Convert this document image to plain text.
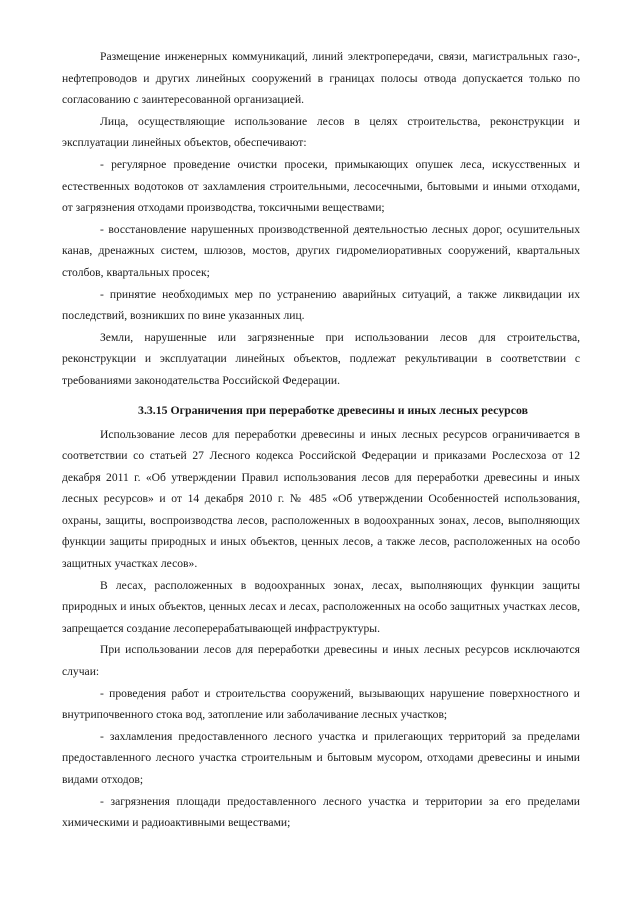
Размещение инженерных коммуникаций, линий электропередачи, связи, магистральных газо-, нефтепроводов и других линейных сооружений в границах полосы отвода допускается только по согласованию с заинтересованной организацией.

Лица, осуществляющие использование лесов в целях строительства, реконструкции и эксплуатации линейных объектов, обеспечивают:

- регулярное проведение очистки просеки, примыкающих опушек леса, искусственных и естественных водотоков от захламления строительными, лесосечными, бытовыми и иными отходами, от загрязнения отходами производства, токсичными веществами;

- восстановление нарушенных производственной деятельностью лесных дорог, осушительных канав, дренажных систем, шлюзов, мостов, других гидромелиоративных сооружений, квартальных столбов, квартальных просек;

- принятие необходимых мер по устранению аварийных ситуаций, а также ликвидации их последствий, возникших по вине указанных лиц.

Земли, нарушенные или загрязненные при использовании лесов для строительства, реконструкции и эксплуатации линейных объектов, подлежат рекультивации в соответствии с требованиями законодательства Российской Федерации.

3.3.15 Ограничения при переработке древесины и иных лесных ресурсов

Использование лесов для переработки древесины и иных лесных ресурсов ограничивается в соответствии со статьей 27 Лесного кодекса Российской Федерации и приказами Рослесхоза от 12 декабря 2011 г. «Об утверждении Правил использования лесов для переработки древесины и иных лесных ресурсов» и от 14 декабря 2010 г. № 485 «Об утверждении Особенностей использования, охраны, защиты, воспроизводства лесов, расположенных в водоохранных зонах, лесов, выполняющих функции защиты природных и иных объектов, ценных лесов, а также лесов, расположенных на особо защитных участках лесов».

В лесах, расположенных в водоохранных зонах, лесах, выполняющих функции защиты природных и иных объектов, ценных лесах и лесах, расположенных на особо защитных участках лесов, запрещается создание лесоперерабатывающей инфраструктуры.

При использовании лесов для переработки древесины и иных лесных ресурсов исключаются случаи:

- проведения работ и строительства сооружений, вызывающих нарушение поверхностного и внутрипочвенного стока вод, затопление или заболачивание лесных участков;

- захламления предоставленного лесного участка и прилегающих территорий за пределами предоставленного лесного участка строительным и бытовым мусором, отходами древесины и иными видами отходов;

- загрязнения площади предоставленного лесного участка и территории за его пределами химическими и радиоактивными веществами;
